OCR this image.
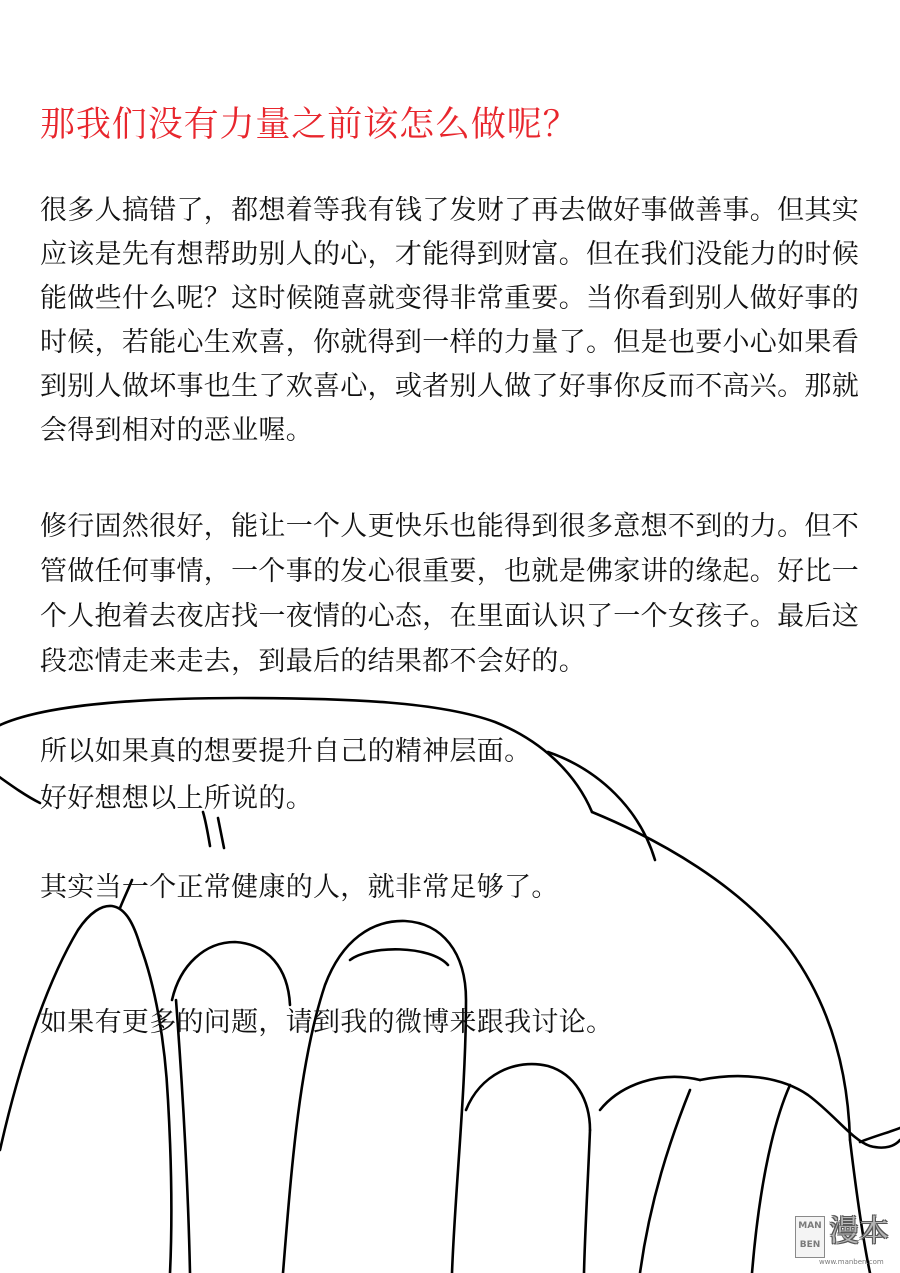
那我们没有力量之前该怎么做呢？
很多人搞错了，都想着等我有钱了发财了再去做好事做善事。但其实
应该是先有想帮助别人的心，才能得到财富。但在我们没能力的时候
能做些什么呢？这时候随喜就变得非常重要。当你看到别人做好事的
时候，若能心生欢喜，你就得到一样的力量了。但是也要小心如果看
到别人做坏事也生了欢喜心，或者别人做了好事你反而不高兴。那就
会得到相对的恶业喔。
修行固然很好，能让一个人更快乐也能得到很多意想不到的力。但不
管做任何事情，一个事的发心很重要，也就是佛家讲的缘起。好比一
个人抱着去夜店找一夜情的心态，在里面认识了一个女孩子。最后这
段恋情走来走去，到最后的结果都不会好的。
所以如果真的想要提升自己的精神层面。
好好想想以上所说的。
其实当一个正常健康的人，就非常足够了。
如果有更多的问题，请到我的微博来跟我讨论。
MAN
BEN 漫本
www.manben.com
